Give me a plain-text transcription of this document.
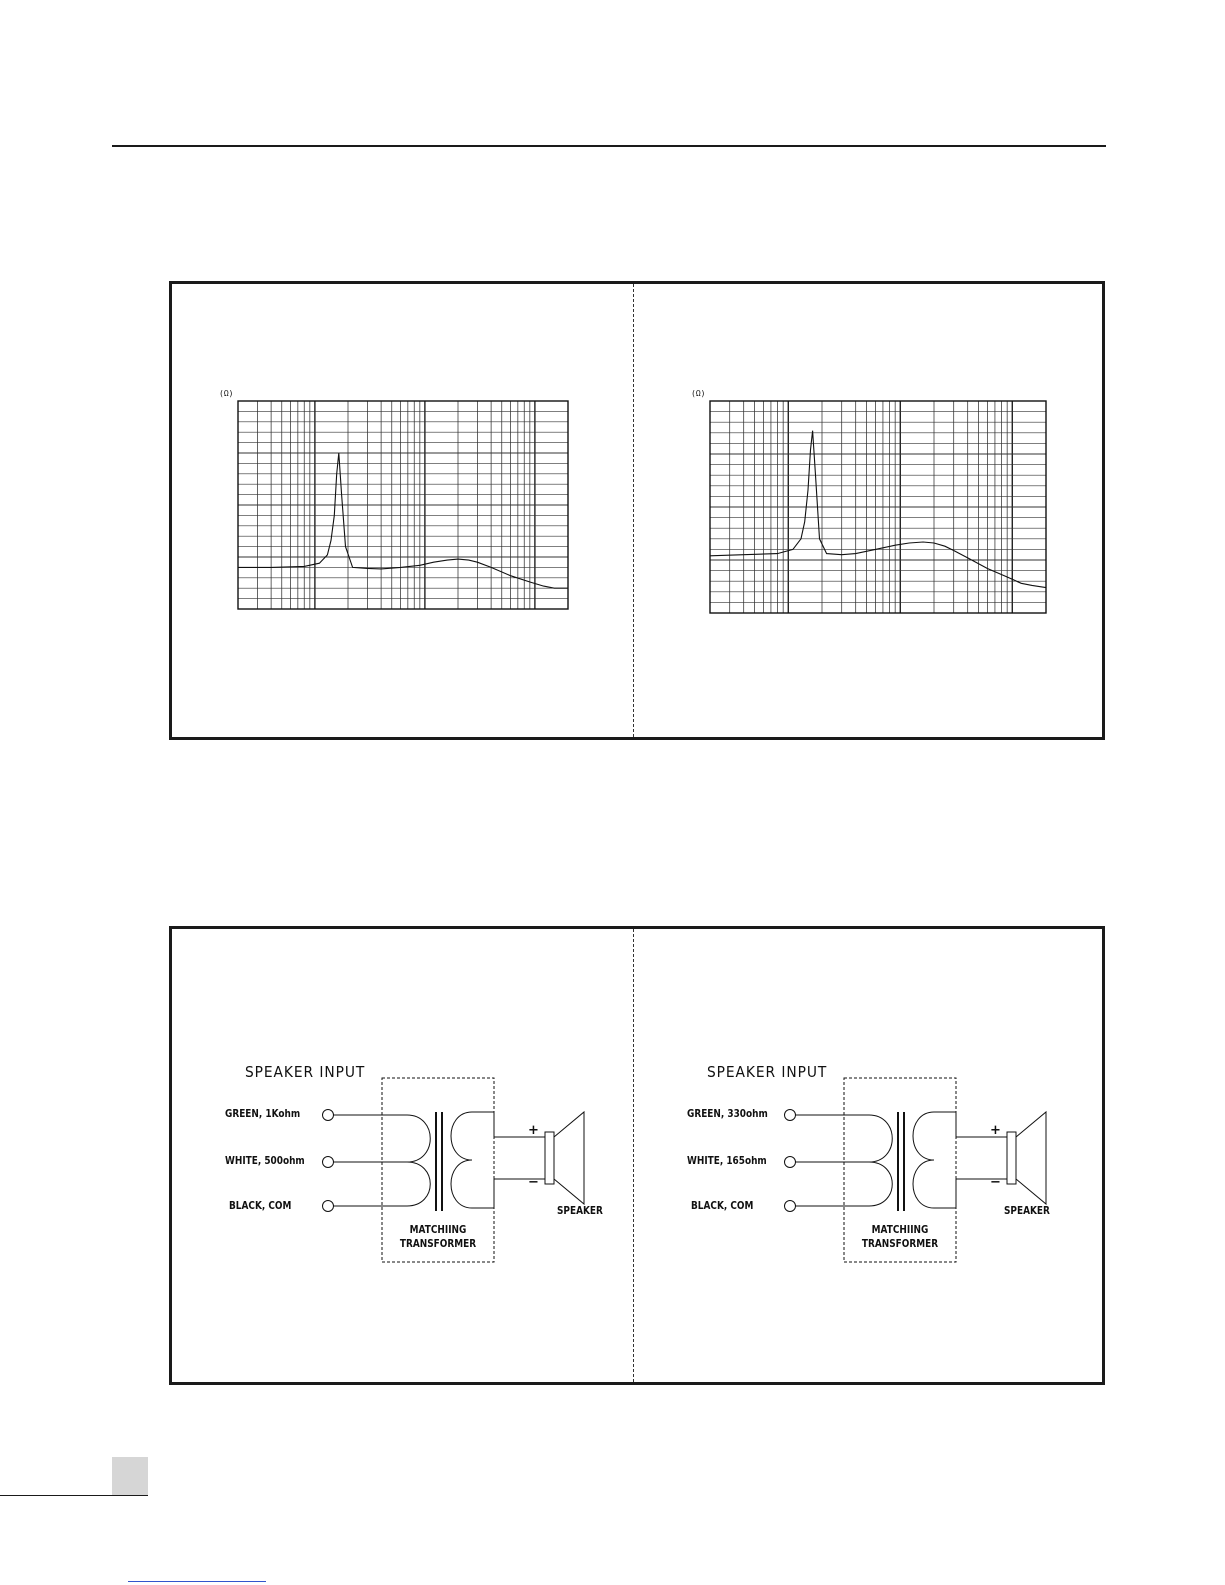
(Ω)	(Ω)
SPEAKER INPUT
GREEN, 1Kohm
WHITE, 500ohm
BLACK, COM
MATCHIING
TRANSFORMER
+
−
SPEAKER
SPEAKER INPUT
GREEN, 330ohm
WHITE, 165ohm
BLACK, COM
MATCHIING
TRANSFORMER
+
−
SPEAKER
